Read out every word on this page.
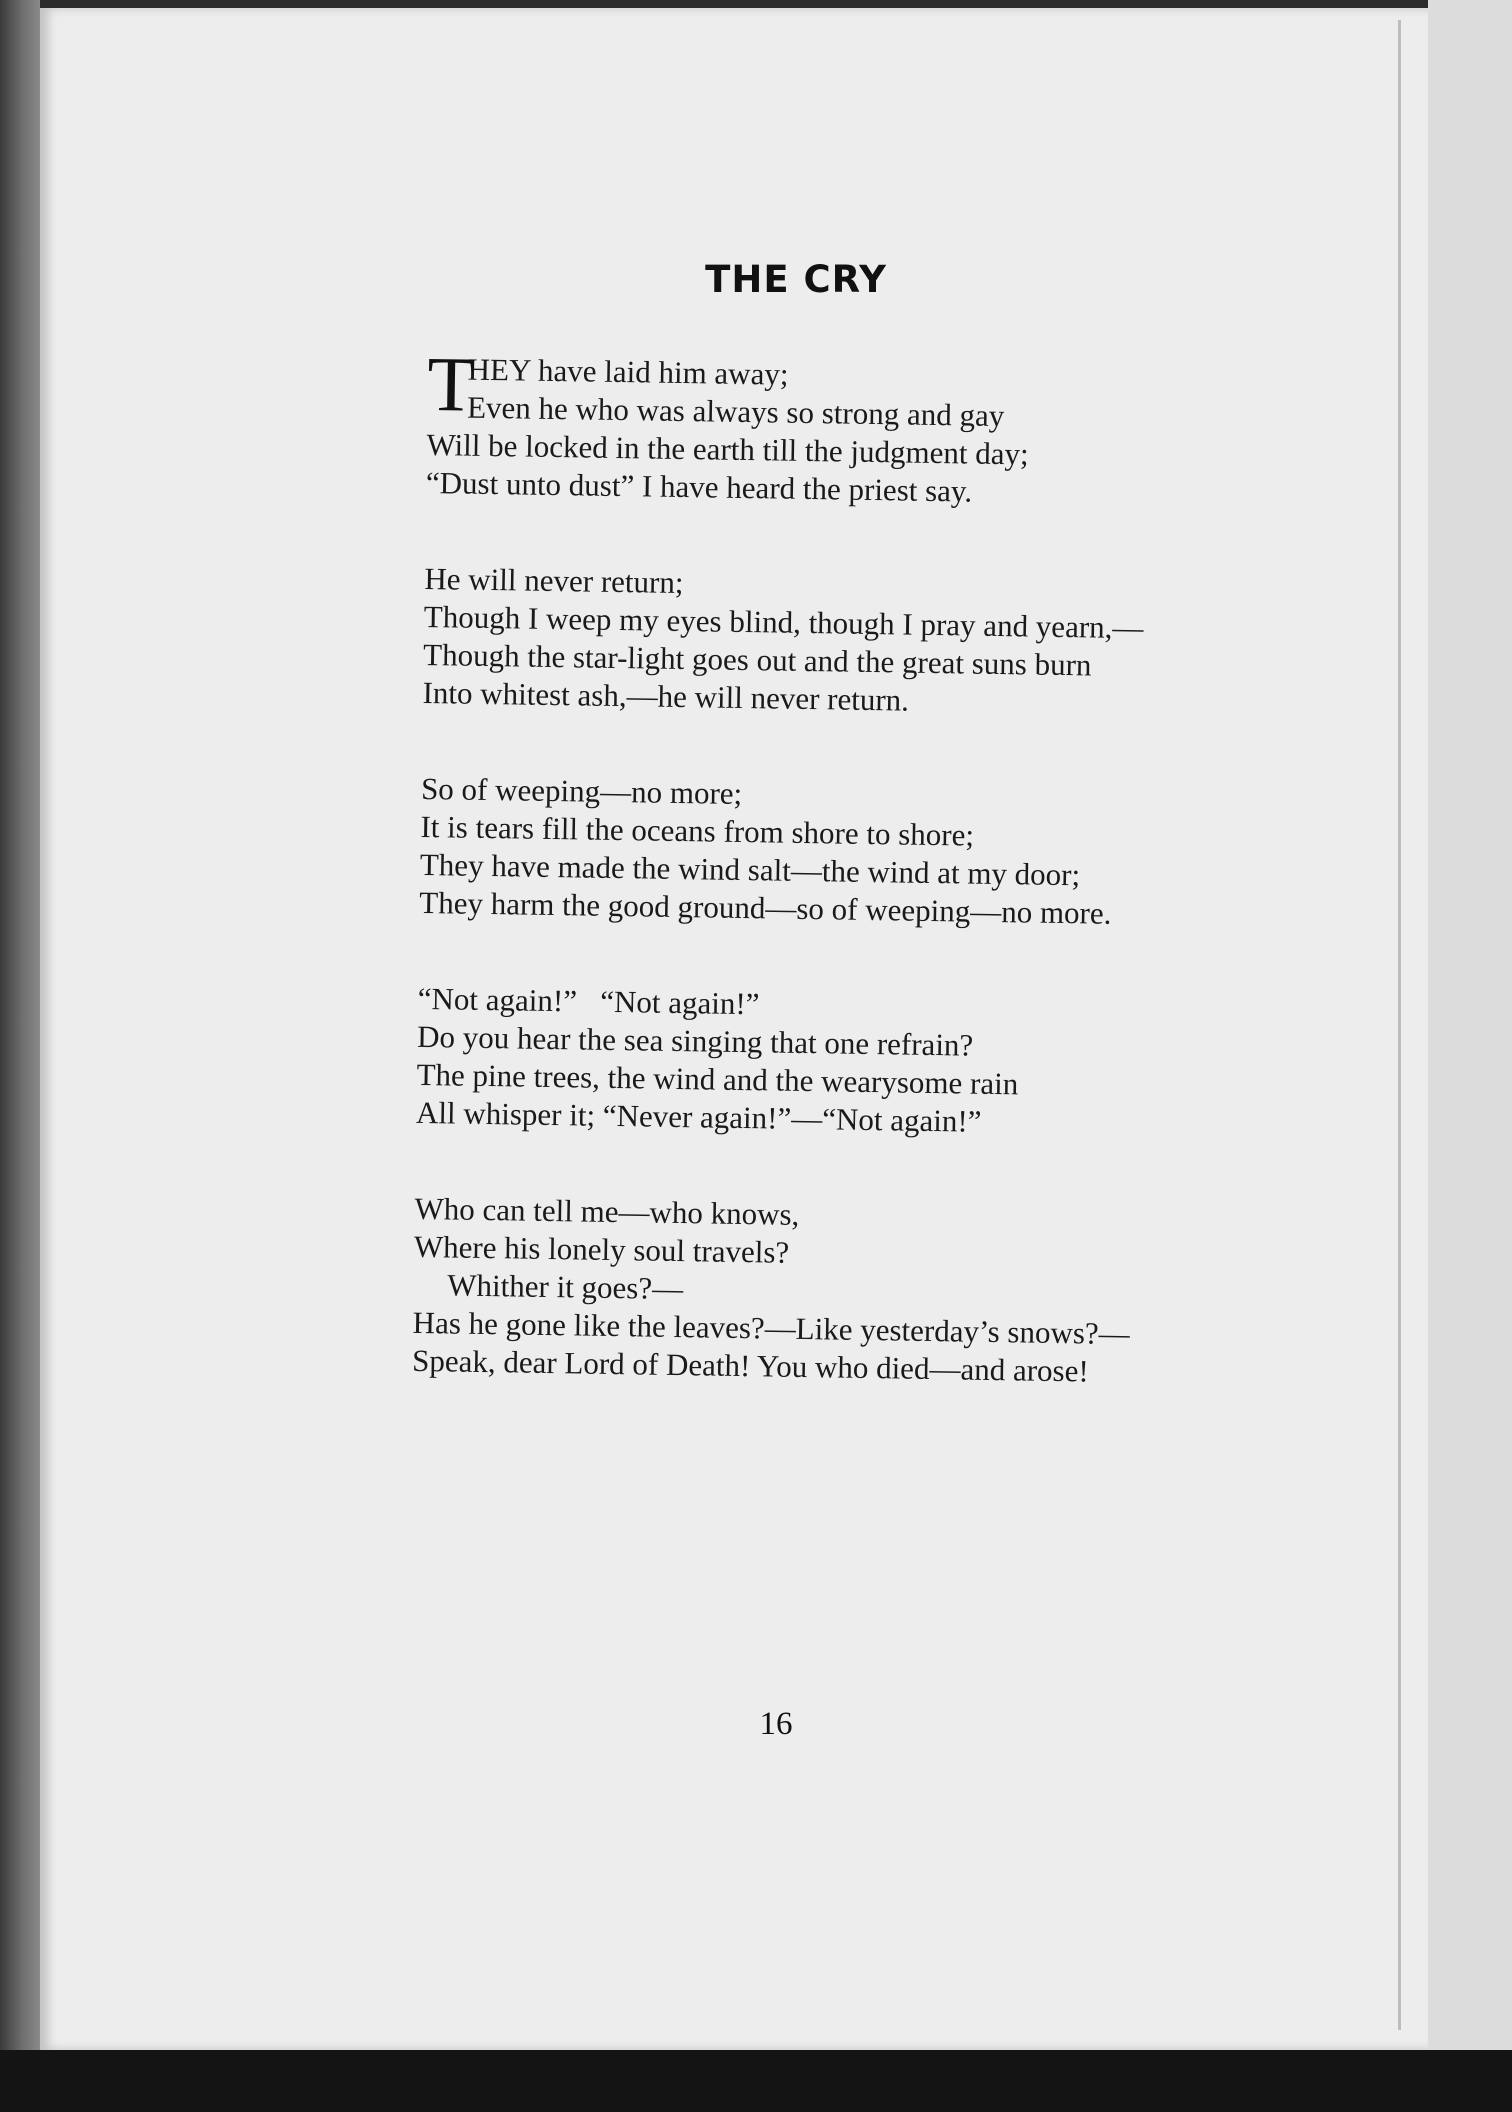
THE CRY
T
HEY have laid him away;
Even he who was always so strong and gay
Will be locked in the earth till the judgment day;
“Dust unto dust” I have heard the priest say.
He will never return;
Though I weep my eyes blind, though I pray and yearn,—
Though the star-light goes out and the great suns burn
Into whitest ash,—he will never return.
So of weeping—no more;
It is tears fill the oceans from shore to shore;
They have made the wind salt—the wind at my door;
They harm the good ground—so of weeping—no more.
“Not again!”   “Not again!”
Do you hear the sea singing that one refrain?
The pine trees, the wind and the wearysome rain
All whisper it; “Never again!”—“Not again!”
Who can tell me—who knows,
Where his lonely soul travels?
Whither it goes?—
Has he gone like the leaves?—Like yesterday’s snows?—
Speak, dear Lord of Death! You who died—and arose!
16
